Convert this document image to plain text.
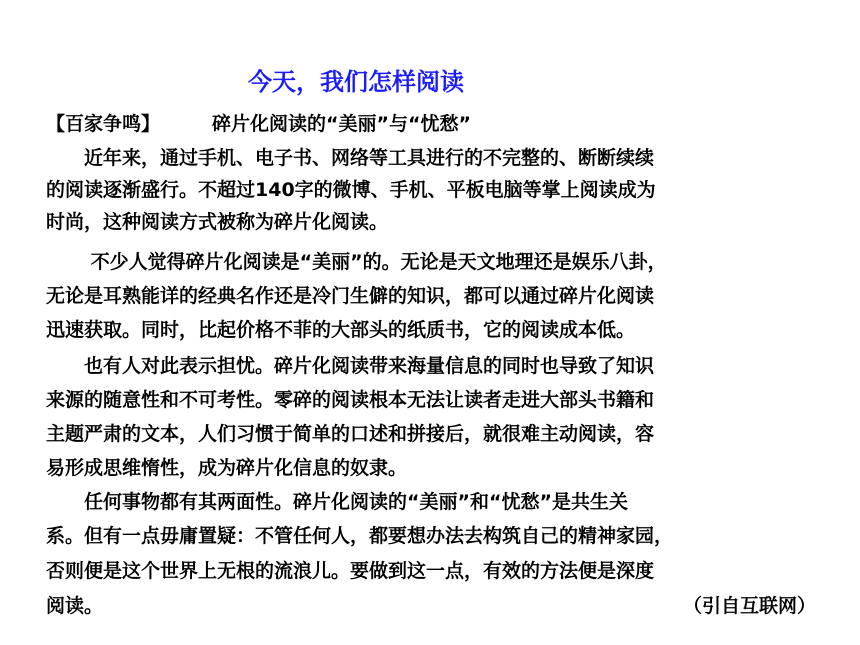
今天，我们怎样阅读
【百家争鸣】	碎片化阅读的“美丽”与“忧愁”
　　近年来，通过手机、电子书、网络等工具进行的不完整的、断断续续
的阅读逐渐盛行。不超过140字的微博、手机、平板电脑等掌上阅读成为
时尚，这种阅读方式被称为碎片化阅读。
　　 不少人觉得碎片化阅读是“美丽”的。无论是天文地理还是娱乐八卦，
无论是耳熟能详的经典名作还是冷门生僻的知识，都可以通过碎片化阅读
迅速获取。同时，比起价格不菲的大部头的纸质书，它的阅读成本低。
　　也有人对此表示担忧。碎片化阅读带来海量信息的同时也导致了知识
来源的随意性和不可考性。零碎的阅读根本无法让读者走进大部头书籍和
主题严肃的文本，人们习惯于简单的口述和拼接后，就很难主动阅读，容
易形成思维惰性，成为碎片化信息的奴隶。
　　任何事物都有其两面性。碎片化阅读的“美丽”和“忧愁”是共生关
系。但有一点毋庸置疑：不管任何人，都要想办法去构筑自己的精神家园，
否则便是这个世界上无根的流浪儿。要做到这一点，有效的方法便是深度
阅读。	（引自互联网）
